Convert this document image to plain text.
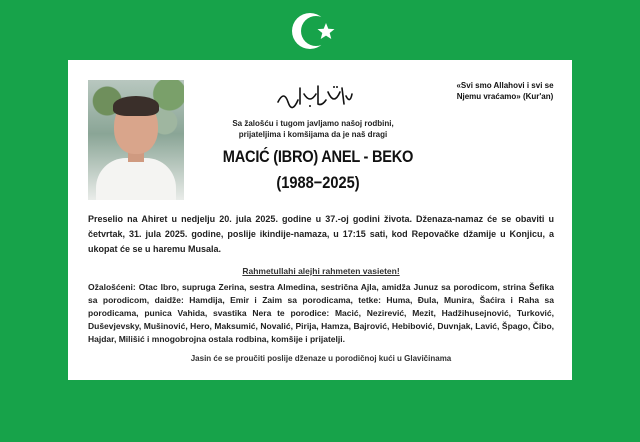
«Svi smo Allahovi i svi se Njemu vraćamo» (Kur'an)
Sa žalošću i tugom javljamo našoj rodbini, prijateljima i komšijama da je naš dragi
MACIĆ (IBRO) ANEL - BEKO
(1988−2025)
Preselio na Ahiret u nedjelju 20. jula 2025. godine u 37.-oj godini života. Dženaza-namaz će se obaviti u četvrtak, 31. jula 2025. godine, poslije ikindije-namaza, u 17:15 sati, kod Repovačke džamije u Konjicu, a ukopat će se u haremu Musala.
Rahmetullahi alejhi rahmeten vasieten!
Ožalošćeni: Otac Ibro, supruga Zerina, sestra Almedina, sestrična Ajla, amidža Junuz sa porodicom, strina Šefika sa porodicom, daidže: Hamdija, Emir i Zaim sa porodicama, tetke: Huma, Đula, Munira, Šaćira i Raha sa porodicama, punica Vahida, svastika Nera te porodice: Macić, Nezirević, Mezit, Hadžihusejnović, Turković, Duševjevsky, Mušinović, Hero, Maksumić, Novalić, Pirija, Hamza, Bajrović, Hebibović, Duvnjak, Lavić, Špago, Čibo, Hajdar, Milišić i mnogobrojna ostala rodbina, komšije i prijatelji.
Jasin će se proučiti poslije dženaze u porodičnoj kući u Glavičinama
